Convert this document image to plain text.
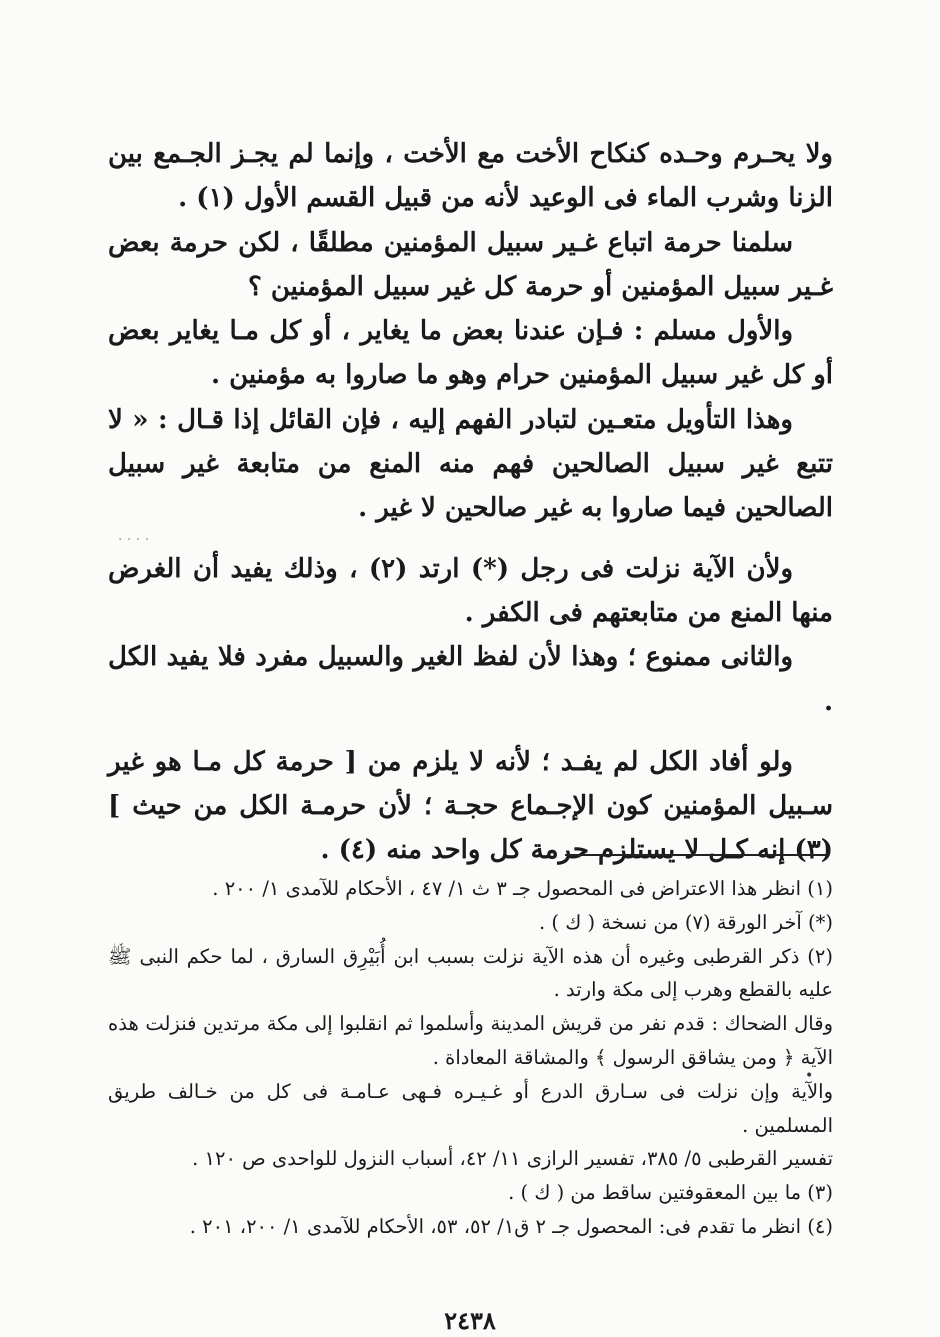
ولا يحـرم وحـده كنكاح الأخت مع الأخت ، وإنما لم يجـز الجـمع بين الزنا وشرب الماء فى الوعيد لأنه من قبيل القسم الأول (١) .

سلمنا حرمة اتباع غـير سبيل المؤمنين مطلقًا ، لكن حرمة بعض غـير سبيل المؤمنين أو حرمة كل غير سبيل المؤمنين ؟

والأول مسلم : فـإن عندنا بعض ما يغاير ، أو كل مـا يغاير بعض أو كل غير سبيل المؤمنين حرام وهو ما صاروا به مؤمنين .

وهذا التأويل متعـين لتبادر الفهم إليه ، فإن القائل إذا قـال : « لا تتبع غير سبيل الصالحين فهم منه المنع من متابعة غير سبيل الصالحين فيما صاروا به غير صالحين لا غير .

ولأن الآية نزلت فى رجل (*) ارتد (٢) ، وذلك يفيد أن الغرض منها المنع من متابعتهم فى الكفر .

والثانى ممنوع ؛ وهذا لأن لفظ الغير والسبيل مفرد فلا يفيد الكل .

ولو أفاد الكل لم يفـد ؛ لأنه لا يلزم من [ حرمة كل مـا هو غير سـبيل المؤمنين كون الإجـماع حجـة ؛ لأن حرمـة الكل من حيث ] (٣) إنه كـل لا يستلزم حرمة كل واحد منه (٤) .

(١) انظر هذا الاعتراض فى المحصول جـ ٣ ث ١/ ٤٧ ، الأحكام للآمدى ١/ ٢٠٠ .

(*) آخر الورقة (٧) من نسخة ( ك ) .

(٢) ذكر القرطبى وغيره أن هذه الآية نزلت بسبب ابن أُبَيْرِق السارق ، لما حكم النبى ﷺ عليه بالقطع وهرب إلى مكة وارتد .

وقال الضحاك : قدم نفر من قريش المدينة وأسلموا ثم انقلبوا إلى مكة مرتدين فنزلت هذه الآية ﴿ ومن يشاقق الرسول ﴾ والمشاقة المعاداة .

والآية وإن نزلت فى سـارق الدرع أو غـيـره فـهى عـامـة فى كل من خـالف طريق المسلمين .

تفسير القرطبى ٥/ ٣٨٥، تفسير الرازى ١١/ ٤٢، أسباب النزول للواحدى ص ١٢٠ .

(٣) ما بين المعقوفتين ساقط من ( ك ) .

(٤) انظر ما تقدم فى: المحصول جـ ٢ ق١/ ٥٢، ٥٣، الأحكام للآمدى ١/ ٢٠٠، ٢٠١ .

٢٤٣٨
· · · ·
•
